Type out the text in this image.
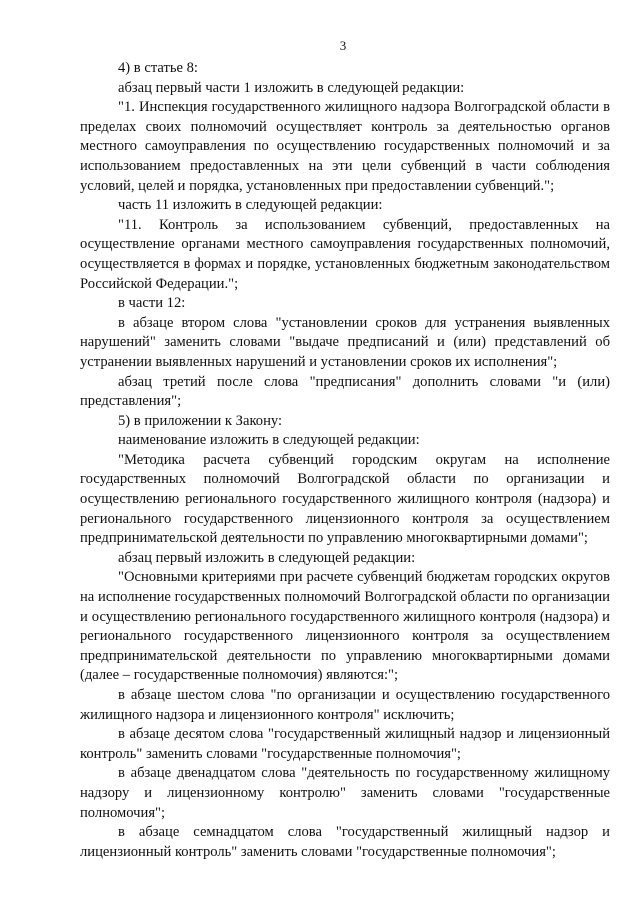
3

4) в статье 8:

абзац первый части 1 изложить в следующей редакции:

"1. Инспекция государственного жилищного надзора Волгоградской области в пределах своих полномочий осуществляет контроль за деятельностью органов местного самоуправления по осуществлению государственных полномочий и за использованием предоставленных на эти цели субвенций в части соблюдения условий, целей и порядка, установленных при предоставлении субвенций.";

часть 11 изложить в следующей редакции:

"11. Контроль за использованием субвенций, предоставленных на осуществление органами местного самоуправления государственных полномочий, осуществляется в формах и порядке, установленных бюджетным законодательством Российской Федерации.";

в части 12:

в абзаце втором слова "установлении сроков для устранения выявленных нарушений" заменить словами "выдаче предписаний и (или) представлений об устранении выявленных нарушений и установлении сроков их исполнения";

абзац третий после слова "предписания" дополнить словами "и (или) представления";

5) в приложении к Закону:

наименование изложить в следующей редакции:

"Методика расчета субвенций городским округам на исполнение государственных полномочий Волгоградской области по организации и осуществлению регионального государственного жилищного контроля (надзора) и регионального государственного лицензионного контроля за осуществлением предпринимательской деятельности по управлению многоквартирными домами";

абзац первый изложить в следующей редакции:

"Основными критериями при расчете субвенций бюджетам городских округов на исполнение государственных полномочий Волгоградской области по организации и осуществлению регионального государственного жилищного контроля (надзора) и регионального государственного лицензионного контроля за осуществлением предпринимательской деятельности по управлению многоквартирными домами (далее – государственные полномочия) являются:";

в абзаце шестом слова "по организации и осуществлению государственного жилищного надзора и лицензионного контроля" исключить;

в абзаце десятом слова "государственный жилищный надзор и лицензионный контроль" заменить словами "государственные полномочия";

в абзаце двенадцатом слова "деятельность по государственному жилищному надзору и лицензионному контролю" заменить словами "государственные полномочия";

в абзаце семнадцатом слова "государственный жилищный надзор и лицензионный контроль" заменить словами "государственные полномочия";
